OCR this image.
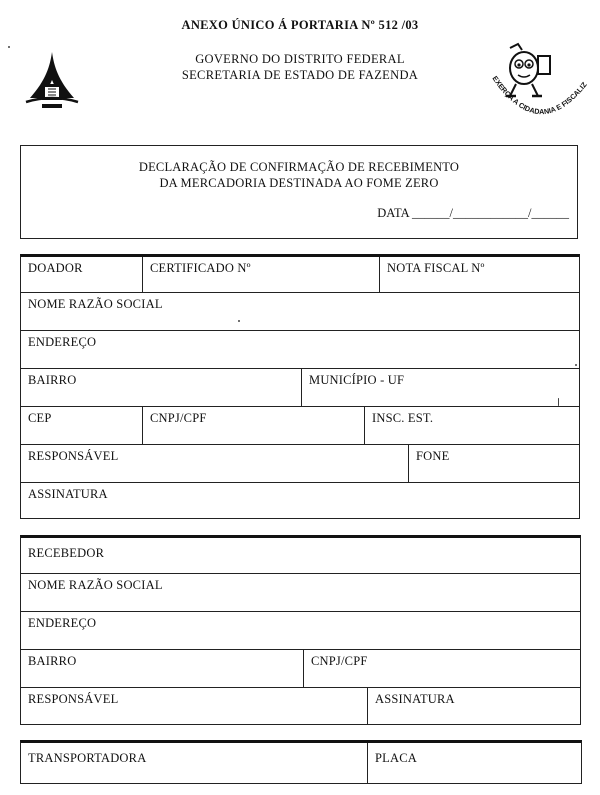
ANEXO ÚNICO Á PORTARIA Nº 512 /03
GOVERNO DO DISTRITO FEDERAL
SECRETARIA DE ESTADO DE FAZENDA	EXERÇA A CIDADANIA E FISCALIZ
DECLARAÇÃO DE CONFIRMAÇÃO DE RECEBIMENTO
DA MERCADORIA DESTINADA AO FOME ZERO
DATA ______/____________/______
DOADOR	CERTIFICADO Nº	NOTA FISCAL Nº
NOME RAZÃO SOCIAL
ENDEREÇO
BAIRRO	MUNICÍPIO - UF
CEP	CNPJ/CPF	INSC. EST.
RESPONSÁVEL	FONE
ASSINATURA
RECEBEDOR
NOME RAZÃO SOCIAL
ENDEREÇO
BAIRRO	CNPJ/CPF
RESPONSÁVEL	ASSINATURA
TRANSPORTADORA	PLACA
